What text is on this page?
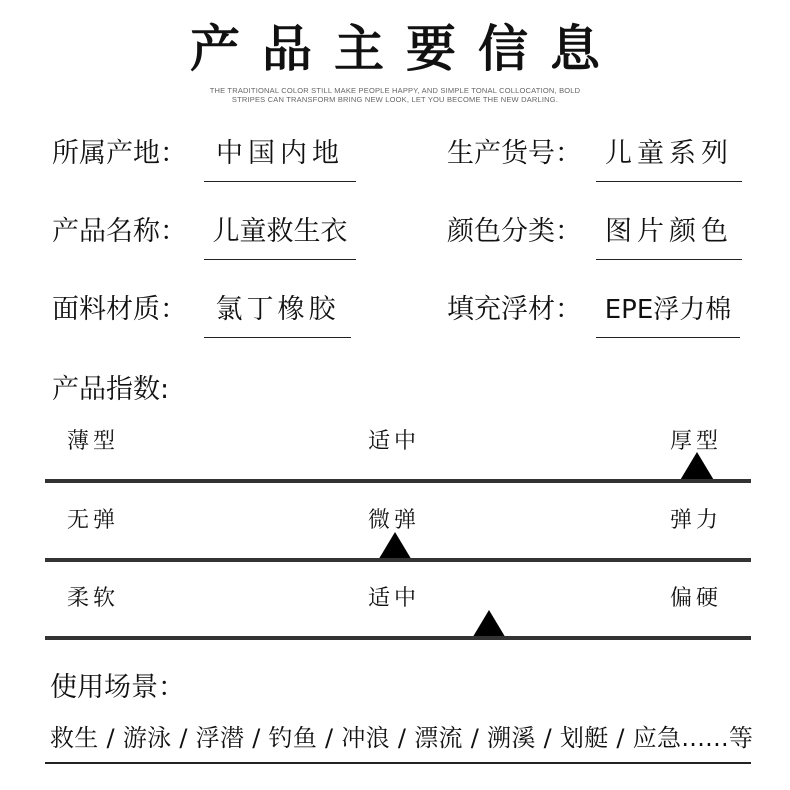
产品主要信息
THE TRADITIONAL COLOR STILL MAKE PEOPLE HAPPY, AND SIMPLE TONAL COLLOCATION, BOLD
STRIPES CAN TRANSFORM BRING NEW LOOK, LET YOU BECOME THE NEW DARLING.
所属产地：	中国内地	生产货号： 儿童系列
产品名称： 儿童救生衣	颜色分类： 图片颜色
面料材质：	氯丁橡胶	填充浮材： EPE浮力棉
产品指数:
薄型	适中	厚型
无弹	微弹	弹力
柔软	适中	偏硬
使用场景：
救生 / 游泳 / 浮潜 / 钓鱼 / 冲浪 / 漂流 / 溯溪 / 划艇 / 应急......等
